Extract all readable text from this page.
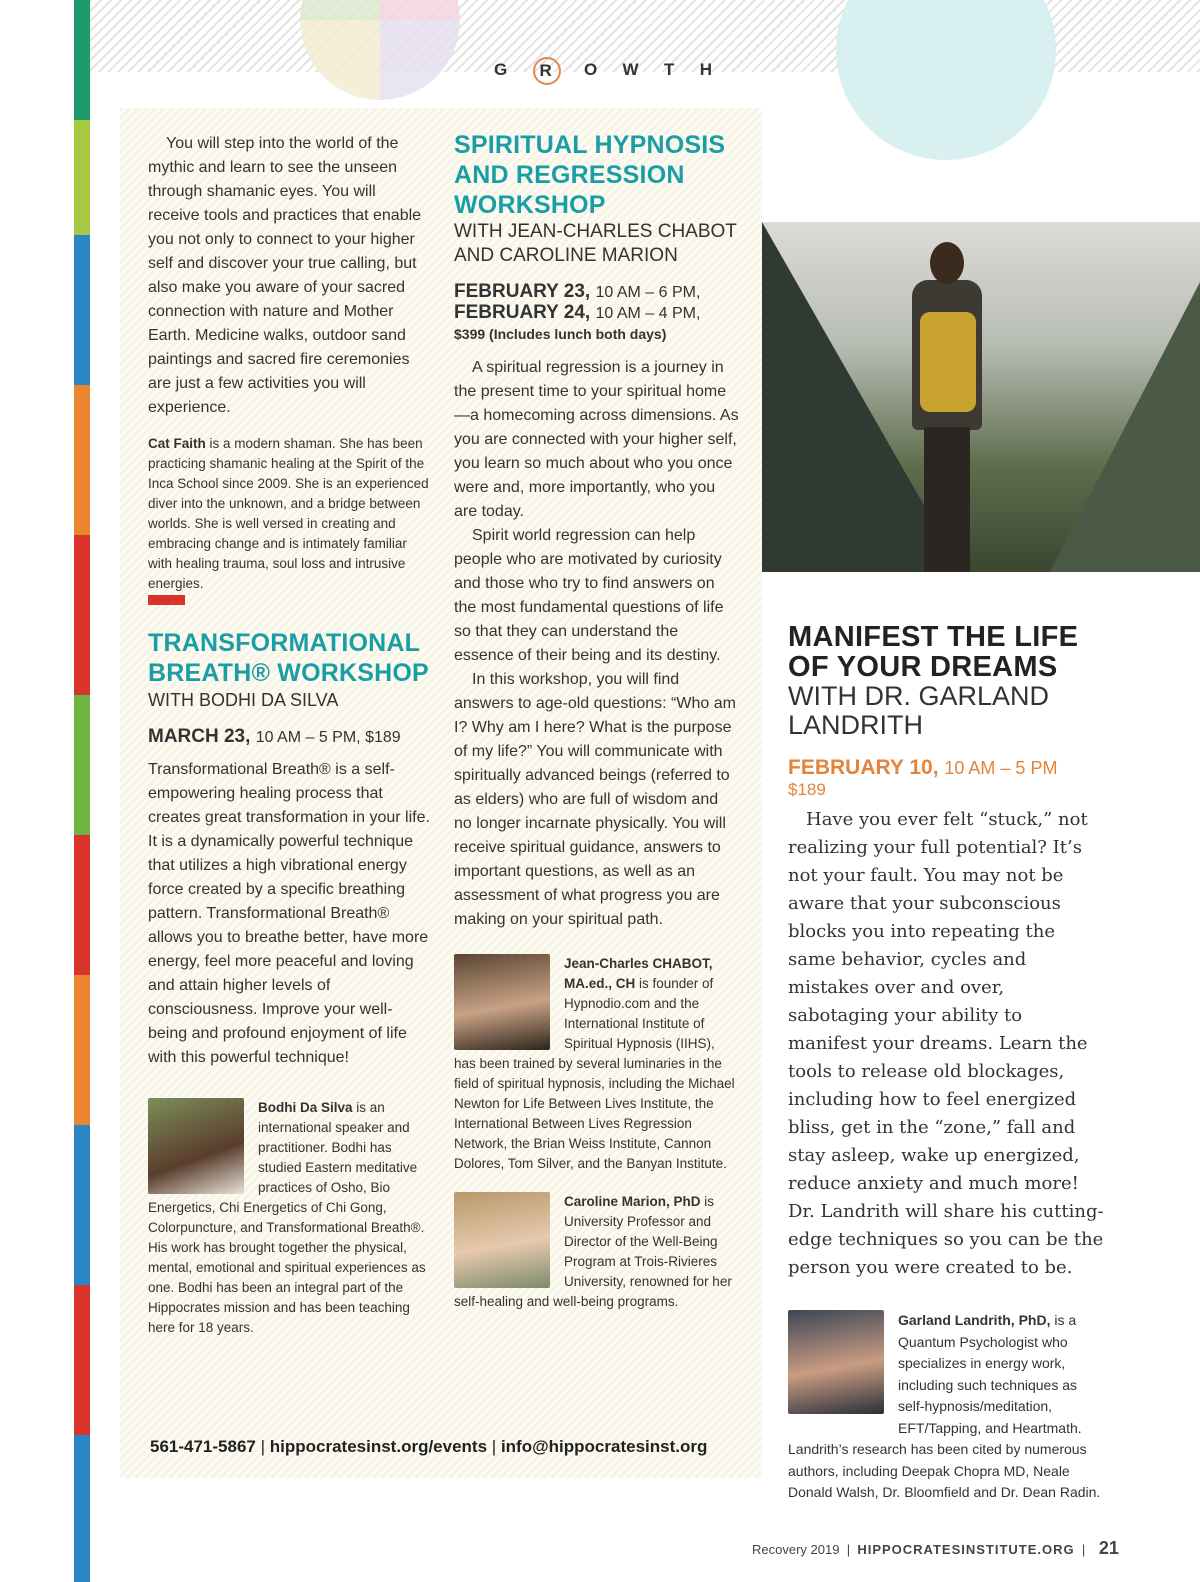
G	R	O W T H

You will step into the world of the mythic and learn to see the unseen through shamanic eyes. You will receive tools and practices that enable you not only to connect to your higher self and discover your true calling, but also make you aware of your sacred connection with nature and Mother Earth. Medicine walks, outdoor sand paintings and sacred fire ceremonies are just a few activities you will experience.

Cat Faith is a modern shaman. She has been practicing shamanic healing at the Spirit of the Inca School since 2009. She is an experienced diver into the unknown, and a bridge between worlds. She is well versed in creating and embracing change and is intimately familiar with healing trauma, soul loss and intrusive energies.

TRANSFORMATIONAL
BREATH® WORKSHOP
WITH BODHI DA SILVA
MARCH 23, 10 AM – 5 PM, $189

Transformational Breath® is a self-empowering healing process that creates great transformation in your life. It is a dynamically powerful technique that utilizes a high vibrational energy force created by a specific breathing pattern. Transformational Breath® allows you to breathe better, have more energy, feel more peaceful and loving and attain higher levels of consciousness. Improve your well-being and profound enjoyment of life with this powerful technique!

Bodhi Da Silva is an international speaker and practitioner. Bodhi has studied Eastern meditative practices of Osho, Bio Energetics, Chi Energetics of Chi Gong, Colorpuncture, and Transformational Breath®. His work has brought together the physical, mental, emotional and spiritual experiences as one. Bodhi has been an integral part of the Hippocrates mission and has been teaching here for 18 years.

SPIRITUAL HYPNOSIS
AND REGRESSION
WORKSHOP
WITH JEAN-CHARLES CHABOT
AND CAROLINE MARION
FEBRUARY 23, 10 AM – 6 PM,
FEBRUARY 24, 10 AM – 4 PM,
$399 (Includes lunch both days)

A spiritual regression is a journey in the present time to your spiritual home—a homecoming across dimensions. As you are connected with your higher self, you learn so much about who you once were and, more importantly, who you are today.

Spirit world regression can help people who are motivated by curiosity and those who try to find answers on the most fundamental questions of life so that they can understand the essence of their being and its destiny.

In this workshop, you will find answers to age-old questions: “Who am I? Why am I here? What is the purpose of my life?” You will communicate with spiritually advanced beings (referred to as elders) who are full of wisdom and no longer incarnate physically. You will receive spiritual guidance, answers to important questions, as well as an assessment of what progress you are making on your spiritual path.

Jean-Charles CHABOT, MA.ed., CH is founder of Hypnodio.com and the International Institute of Spiritual Hypnosis (IIHS), has been trained by several luminaries in the field of spiritual hypnosis, including the Michael Newton for Life Between Lives Institute, the International Between Lives Regression Network, the Brian Weiss Institute, Cannon Dolores, Tom Silver, and the Banyan Institute.

Caroline Marion, PhD is University Professor and Director of the Well-Being Program at Trois-Rivieres University, renowned for her self-healing and well-being programs.

MANIFEST THE LIFE
OF YOUR DREAMS
WITH DR. GARLAND
LANDRITH
FEBRUARY 10, 10 AM – 5 PM
$189

Have you ever felt “stuck,” not realizing your full potential? It’s not your fault. You may not be aware that your subconscious blocks you into repeating the same behavior, cycles and mistakes over and over, sabotaging your ability to manifest your dreams. Learn the tools to release old blockages, including how to feel energized bliss, get in the “zone,” fall and stay asleep, wake up energized, reduce anxiety and much more! Dr. Landrith will share his cutting-edge techniques so you can be the person you were created to be.

Garland Landrith, PhD, is a Quantum Psychologist who specializes in energy work, including such techniques as self-hypnosis/meditation, EFT/Tapping, and Heartmath. Landrith’s research has been cited by numerous authors, including Deepak Chopra MD, Neale Donald Walsh, Dr. Bloomfield and Dr. Dean Radin.

561-471-5867 | hippocratesinst.org/events | info@hippocratesinst.org
Recovery 2019 | HIPPOCRATESINSTITUTE.ORG | 21
